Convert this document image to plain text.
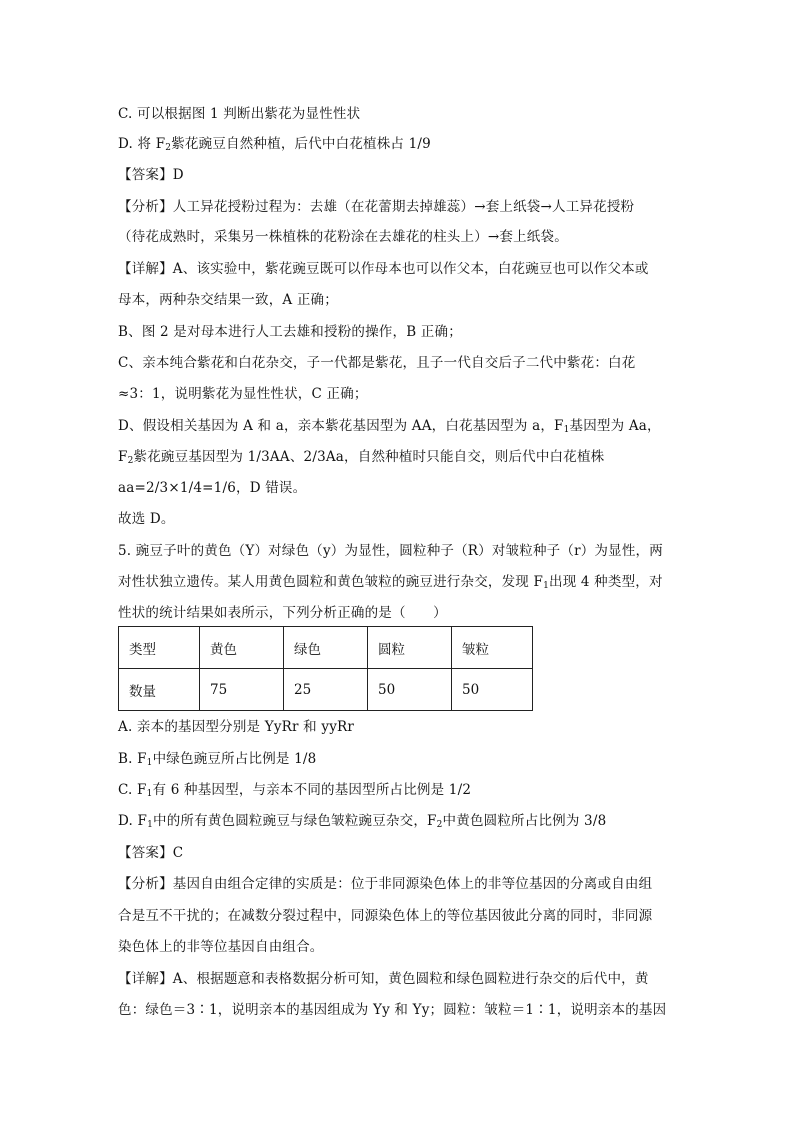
C. 可以根据图 1 判断出紫花为显性性状
D. 将 $F_2$紫花豌豆自然种植，后代中白花植株占 1/9
【答案】D
【分析】人工异花授粉过程为：去雄（在花蕾期去掉雄蕊）→套上纸袋→人工异花授粉
（待花成熟时，采集另一株植株的花粉涂在去雄花的柱头上）→套上纸袋。
【详解】A、该实验中，紫花豌豆既可以作母本也可以作父本，白花豌豆也可以作父本或
母本，两种杂交结果一致，A 正确；
B、图 2 是对母本进行人工去雄和授粉的操作，B 正确；
C、亲本纯合紫花和白花杂交，子一代都是紫花，且子一代自交后子二代中紫花：白花
≈3：1，说明紫花为显性性状，C 正确；
D、假设相关基因为 A 和 a，亲本紫花基因型为 AA，白花基因型为 a，$F_1$基因型为 Aa，
$F_2$紫花豌豆基因型为 1/3AA、2/3Aa，自然种植时只能自交，则后代中白花植株
aa=2/3×1/4=1/6，D 错误。
故选 D。
5. 豌豆子叶的黄色（Y）对绿色（y）为显性，圆粒种子（R）对皱粒种子（r）为显性，两
对性状独立遗传。某人用黄色圆粒和黄色皱粒的豌豆进行杂交，发现 $F_1$出现 4 种类型，对
性状的统计结果如表所示，下列分析正确的是（　　）
类型	黄色	绿色	圆粒	皱粒
数量	75	25	50	50
A. 亲本的基因型分别是 YyRr 和 yyRr
B. $F_1$中绿色豌豆所占比例是 1/8
C. $F_1$有 6 种基因型，与亲本不同的基因型所占比例是 1/2
D. $F_1$中的所有黄色圆粒豌豆与绿色皱粒豌豆杂交，$F_2$中黄色圆粒所占比例为 3/8
【答案】C
【分析】基因自由组合定律的实质是：位于非同源染色体上的非等位基因的分离或自由组
合是互不干扰的；在减数分裂过程中，同源染色体上的等位基因彼此分离的同时，非同源
染色体上的非等位基因自由组合。
【详解】A、根据题意和表格数据分析可知，黄色圆粒和绿色圆粒进行杂交的后代中，黄
色：绿色＝3∶1，说明亲本的基因组成为 Yy 和 Yy；圆粒：皱粒＝1∶1，说明亲本的基因
